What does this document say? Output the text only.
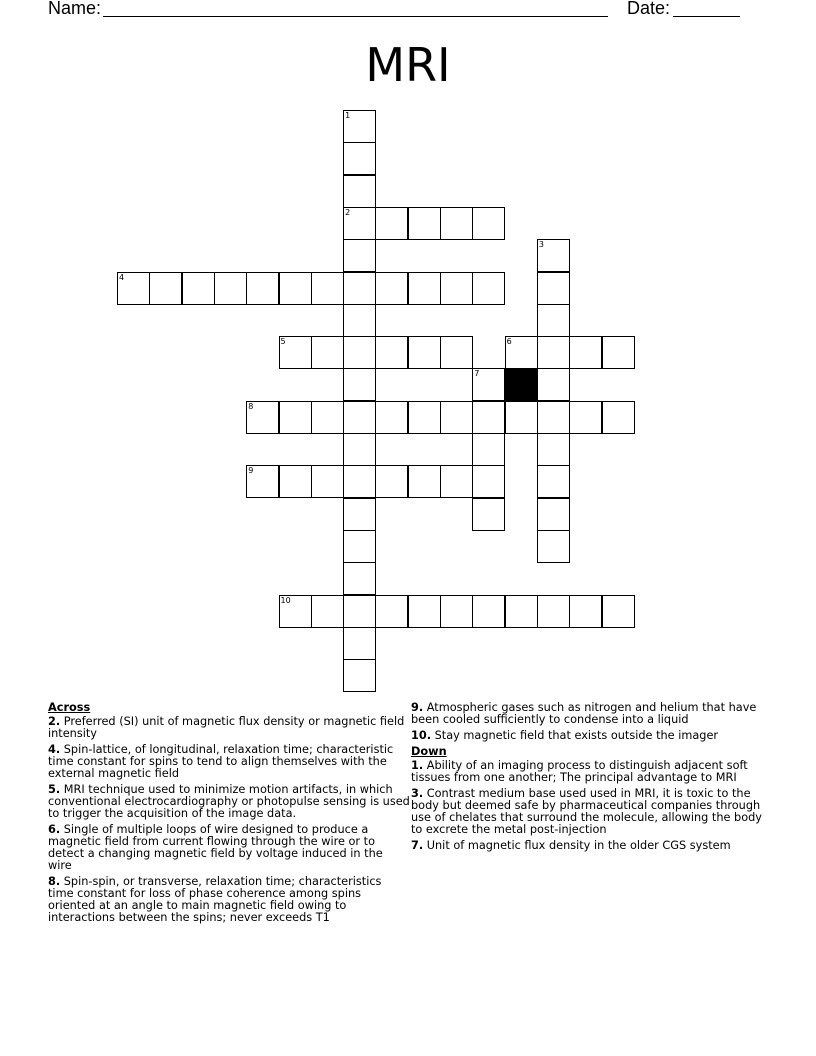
Name:	Date:
MRI
1
2
3
4
5	6
7
8
9
10
Across
2. Preferred (SI) unit of magnetic flux density or magnetic field intensity
4. Spin-lattice, of longitudinal, relaxation time; characteristic time constant for spins to tend to align themselves with the external magnetic field
5. MRI technique used to minimize motion artifacts, in which conventional electrocardiography or photopulse sensing is used to trigger the acquisition of the image data.
6. Single of multiple loops of wire designed to produce a magnetic field from current flowing through the wire or to detect a changing magnetic field by voltage induced in the wire
8. Spin-spin, or transverse, relaxation time; characteristics time constant for loss of phase coherence among spins oriented at an angle to main magnetic field owing to interactions between the spins; never exceeds T1
9. Atmospheric gases such as nitrogen and helium that have been cooled sufficiently to condense into a liquid
10. Stay magnetic field that exists outside the imager
Down
1. Ability of an imaging process to distinguish adjacent soft tissues from one another; The principal advantage to MRI
3. Contrast medium base used used in MRI, it is toxic to the body but deemed safe by pharmaceutical companies through use of chelates that surround the molecule, allowing the body to excrete the metal post-injection
7. Unit of magnetic flux density in the older CGS system
